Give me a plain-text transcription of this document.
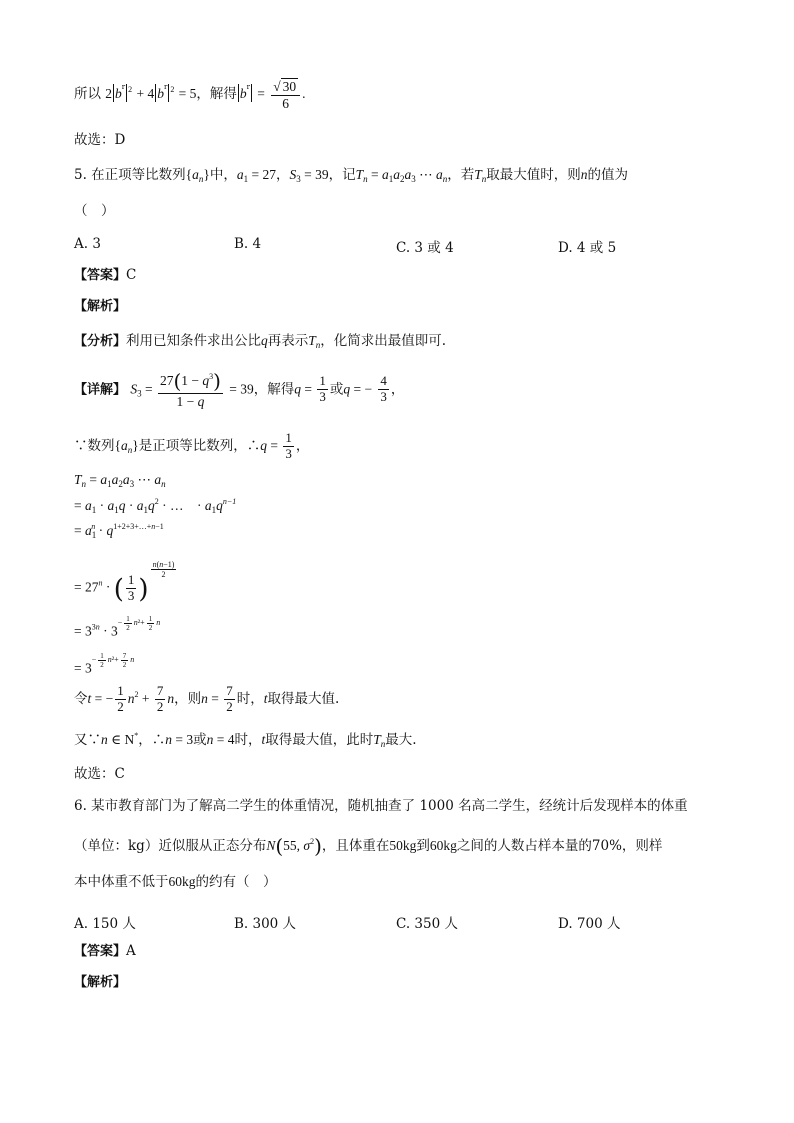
所以 2 $b^r$ $^2$ + 4 $b^r$ $^2$ = 5，解得 $b^r = \frac{√ 30}{6}$ .
故选：D
5. 在正项等比数列$\{a_n\}$中，$a_1 = 27$，$S_3 = 39$，记$T_n = a_1a_2a_3$ ⋯ $a_n$，若$T_n$取最大值时，则n的值为
（　）
A. 3	B. 4	C. 3 或 4	D. 4 或 5
【答案】C
【解析】
【分析】利用已知条件求出公比q再表示$T_n$，化简求出最值即可.
【详解】 $S_3 = \frac{27(1 - q^3)}{1 - q} = 39$，解得$q = \frac{1}{3}$ 或q = − $\frac{4}{3}$ ，
∵数列$\{a_n\}$是正项等比数列，∴q = $\frac{1}{3}$ ，
$T_n = a_1a_2a_3$ ⋯ $a_n$
= $a_1 \cdot a_1q \cdot a_1q^2$ · …　· $a_1q^{n-1}$
= $a_1^n \cdot q^{1+2+3+\dots+n-1}$
= $27^n$ · ( $\frac{1}{3}$ )
$^{\frac{n(n-1)}{2}}$
= $3^{3n} \cdot 3^{- \frac{1}{2} n^2+ \frac{1}{2} n}$
= $3^{- \frac{1}{2} n^2+ \frac{7}{2} n}$
令t = − $\frac{1}{2} n^2 + \frac{7}{2}$ n，则$n = \frac{7}{2}$ 时，t取得最大值.
又∵n ∈ N*，∴n = 3或n = 4时，t取得最大值，此时$T_n$最大.
故选：C
6. 某市教育部门为了解高二学生的体重情况，随机抽查了 1000 名高二学生，经统计后发现样本的体重
（单位：kg）近似服从正态分布N(55, $\sigma^2$)，且体重在50kg到60kg之间的人数占样本量的70%，则样
本中体重不低于60kg的约有（　）
A. 150 人	B. 300 人	C. 350 人	D. 700 人
【答案】A
【解析】
